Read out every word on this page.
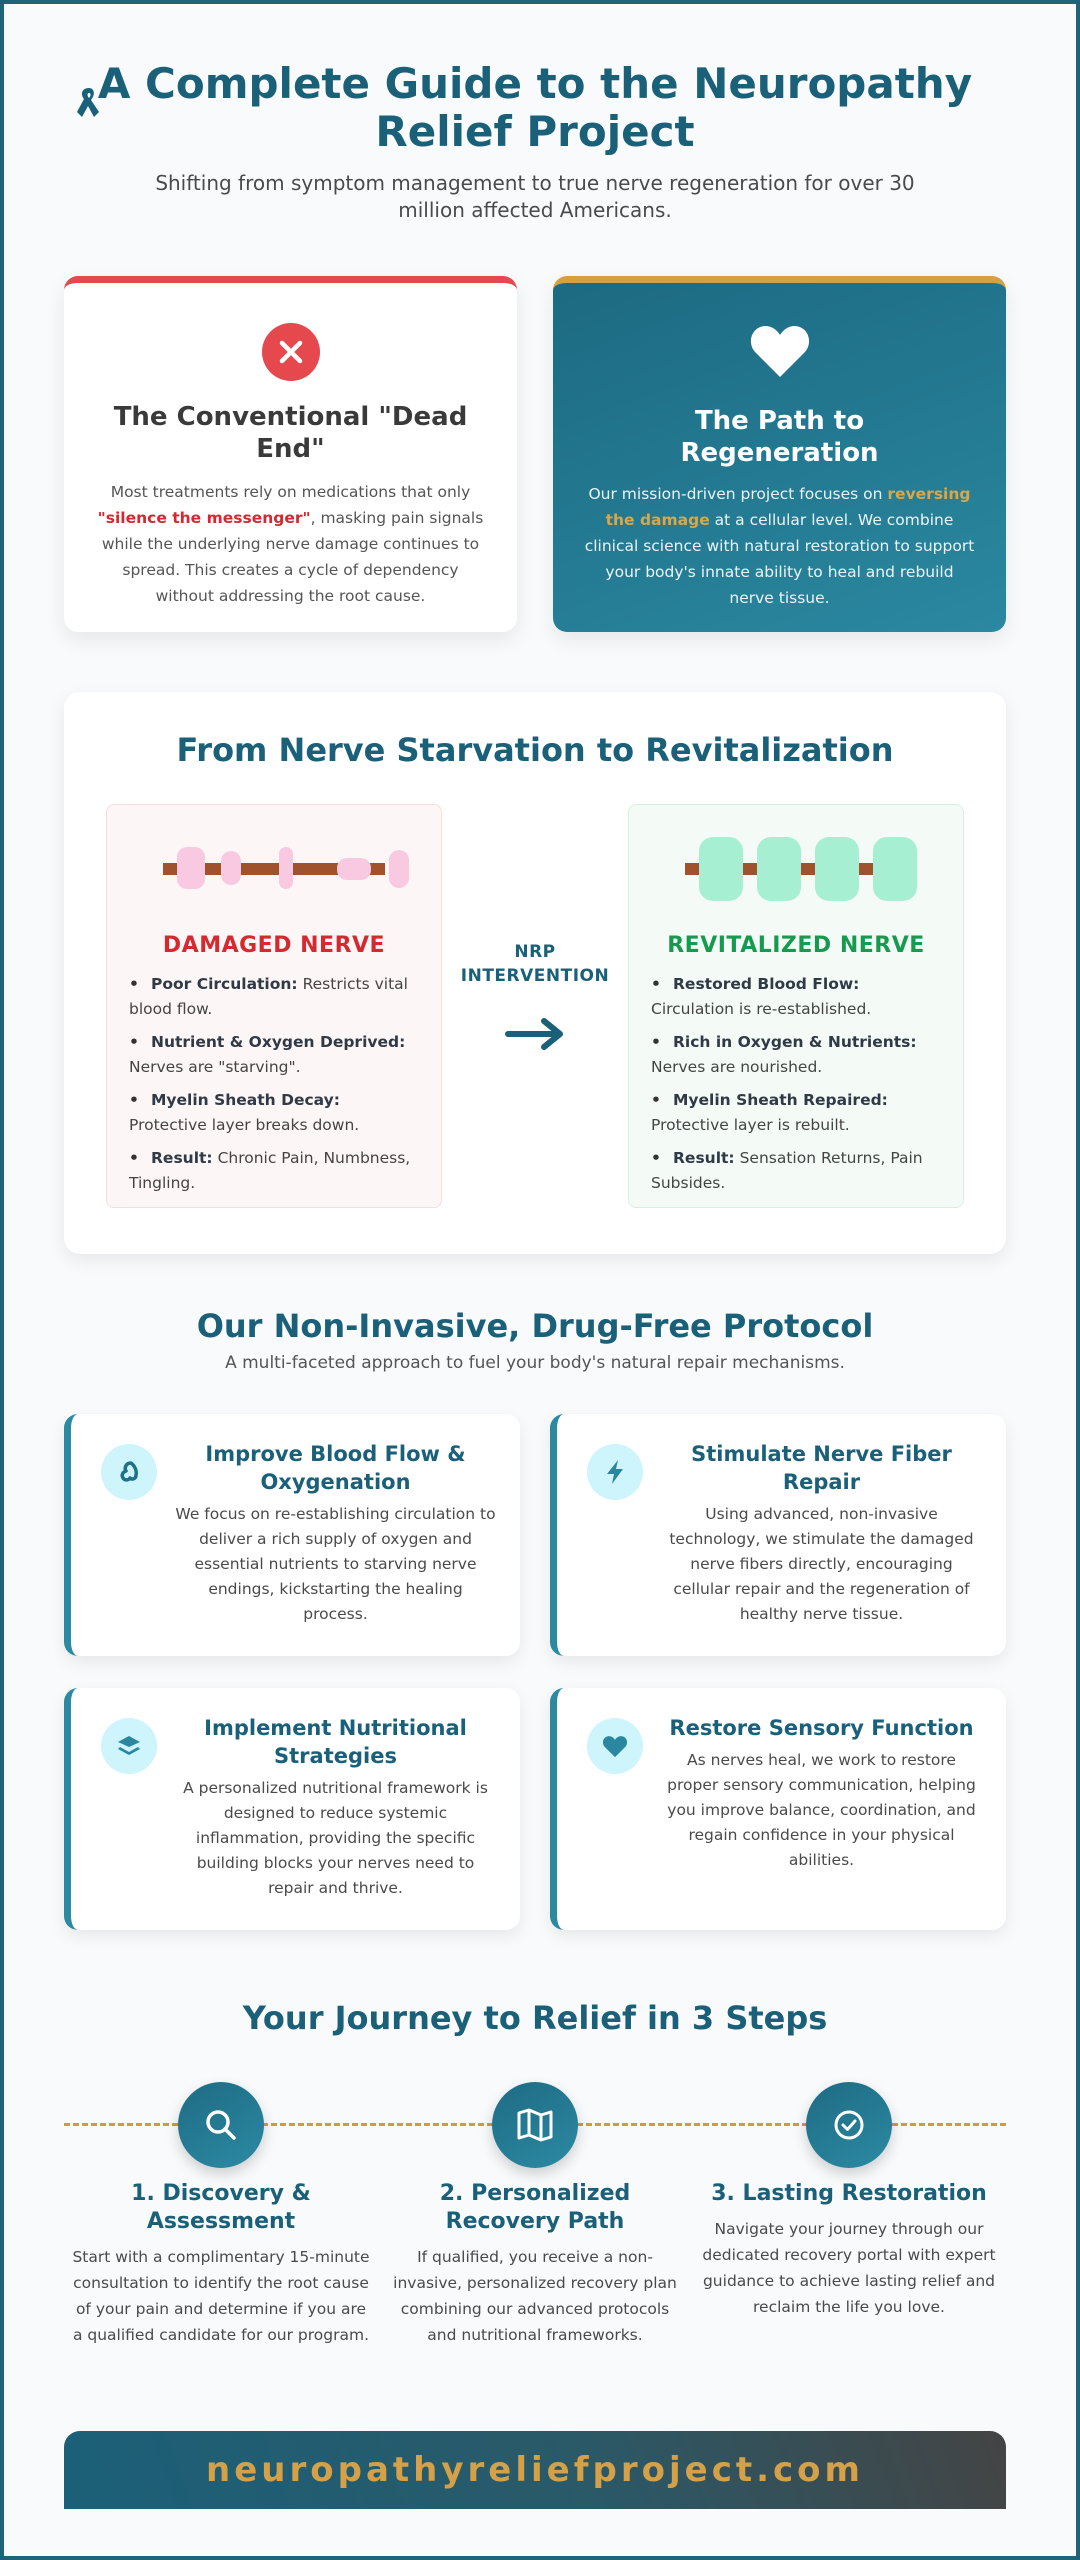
A Complete Guide to the Neuropathy Relief Project

Shifting from symptom management to true nerve regeneration for over 30 million affected Americans.

The Conventional "Dead End"

Most treatments rely on medications that only "silence the messenger", masking pain signals while the underlying nerve damage continues to spread. This creates a cycle of dependency without addressing the root cause.

The Path to Regeneration

Our mission-driven project focuses on reversing the damage at a cellular level. We combine clinical science with natural restoration to support your body's innate ability to heal and rebuild nerve tissue.

From Nerve Starvation to Revitalization
DAMAGED NERVE
• Poor Circulation: Restricts vital blood flow.
• Nutrient & Oxygen Deprived: Nerves are "starving".
• Myelin Sheath Decay: Protective layer breaks down.
• Result: Chronic Pain, Numbness, Tingling.
NRP INTERVENTION
REVITALIZED NERVE
• Restored Blood Flow: Circulation is re-established.
• Rich in Oxygen & Nutrients: Nerves are nourished.
• Myelin Sheath Repaired: Protective layer is rebuilt.
• Result: Sensation Returns, Pain Subsides.
Our Non-Invasive, Drug-Free Protocol

A multi-faceted approach to fuel your body's natural repair mechanisms.

Improve Blood Flow & Oxygenation

We focus on re-establishing circulation to deliver a rich supply of oxygen and essential nutrients to starving nerve endings, kickstarting the healing process.

Stimulate Nerve Fiber Repair

Using advanced, non-invasive technology, we stimulate the damaged nerve fibers directly, encouraging cellular repair and the regeneration of healthy nerve tissue.

Implement Nutritional Strategies

A personalized nutritional framework is designed to reduce systemic inflammation, providing the specific building blocks your nerves need to repair and thrive.

Restore Sensory Function

As nerves heal, we work to restore proper sensory communication, helping you improve balance, coordination, and regain confidence in your physical abilities.

Your Journey to Relief in 3 Steps
1. Discovery & Assessment

Start with a complimentary 15-minute consultation to identify the root cause of your pain and determine if you are a qualified candidate for our program.

2. Personalized Recovery Path

If qualified, you receive a non-invasive, personalized recovery plan combining our advanced protocols and nutritional frameworks.

3. Lasting Restoration

Navigate your journey through our dedicated recovery portal with expert guidance to achieve lasting relief and reclaim the life you love.

neuropathyreliefproject.com
